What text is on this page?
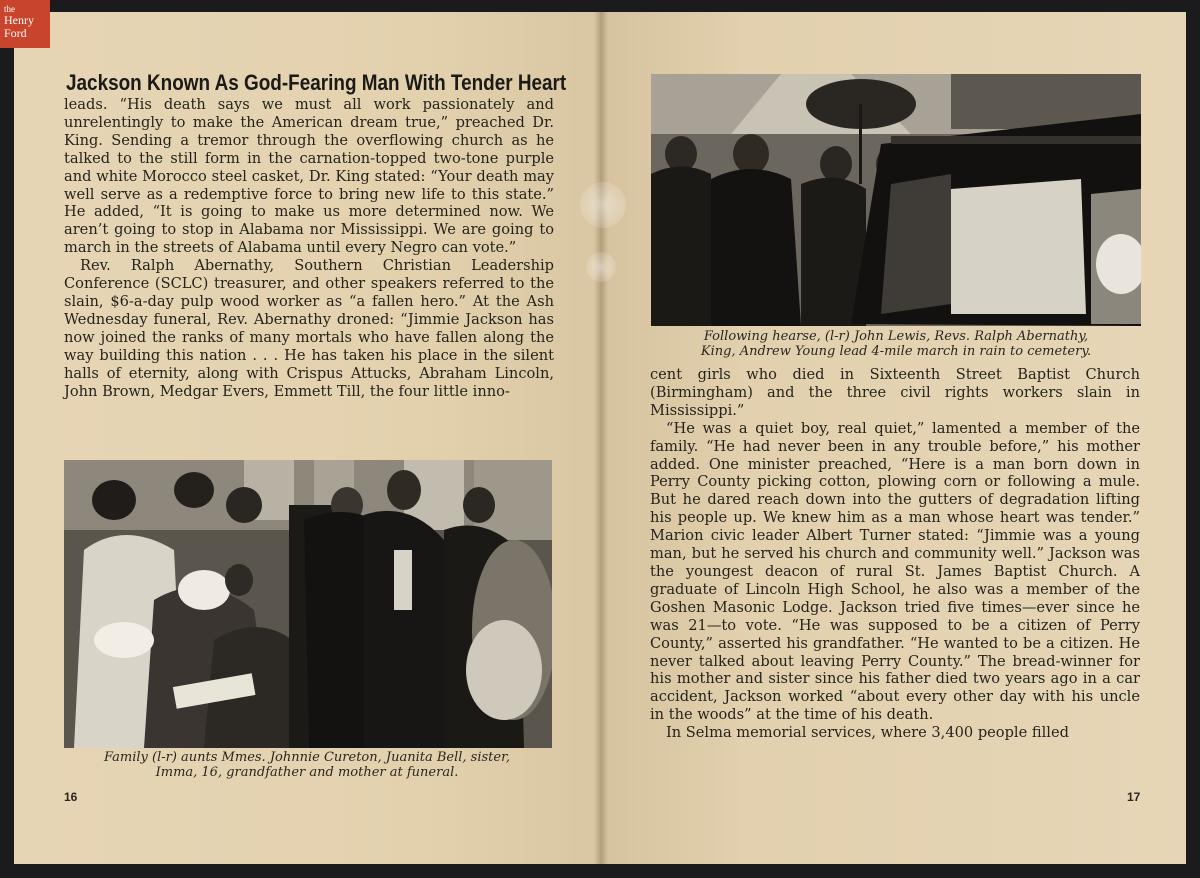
the
Henry
Ford
Jackson Known As God-Fearing Man With Tender Heart

leads. “His death says we must all work passionately and unrelentingly to make the American dream true,” preached Dr. King. Sending a tremor through the overflowing church as he talked to the still form in the carnation-topped two-tone purple and white Morocco steel casket, Dr. King stated: “Your death may well serve as a redemptive force to bring new life to this state.” He added, “It is going to make us more determined now. We aren’t going to stop in Alabama nor Mississippi. We are going to march in the streets of Alabama until every Negro can vote.”

Rev. Ralph Abernathy, Southern Christian Leadership Conference (SCLC) treasurer, and other speakers referred to the slain, $6-a-day pulp wood worker as “a fallen hero.” At the Ash Wednesday funeral, Rev. Abernathy droned: “Jimmie Jackson has now joined the ranks of many mortals who have fallen along the way building this nation . . . He has taken his place in the silent halls of eternity, along with Crispus Attucks, Abraham Lincoln, John Brown, Medgar Evers, Emmett Till, the four little inno-

Family (l-r) aunts Mmes. Johnnie Cureton, Juanita Bell, sister,
Imma, 16, grandfather and mother at funeral.
16
Following hearse, (l-r) John Lewis, Revs. Ralph Abernathy,
King, Andrew Young lead 4-mile march in rain to cemetery.

cent girls who died in Sixteenth Street Baptist Church (Birmingham) and the three civil rights workers slain in Mississippi.”

“He was a quiet boy, real quiet,” lamented a member of the family. “He had never been in any trouble before,” his mother added. One minister preached, “Here is a man born down in Perry County picking cotton, plowing corn or following a mule. But he dared reach down into the gutters of degradation lifting his people up. We knew him as a man whose heart was tender.” Marion civic leader Albert Turner stated: “Jimmie was a young man, but he served his church and community well.” Jackson was the youngest deacon of rural St. James Baptist Church. A graduate of Lincoln High School, he also was a member of the Goshen Masonic Lodge. Jackson tried five times—ever since he was 21—to vote. “He was supposed to be a citizen of Perry County,” asserted his grandfather. “He wanted to be a citizen. He never talked about leaving Perry County.” The bread-winner for his mother and sister since his father died two years ago in a car accident, Jackson worked “about every other day with his uncle in the woods” at the time of his death.

In Selma memorial services, where 3,400 people filled

17
